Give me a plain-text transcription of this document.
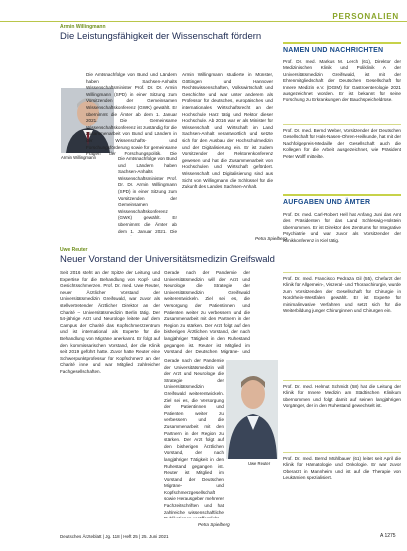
PERSONALIEN
Armin Willingmann
Die Leistungsfähigkeit der Wissenschaft fördern
Armin Willingmann
Die Amtsnachfolge von Bund und Ländern haben Sachsen-Anhalts Wissenschaftsminister Prof. Dr. Dr. Armin Willingmann (SPD) in einer Sitzung zum Vorsitzenden der Gemeinsamen Wissenschaftskonferenz (GWK) gewählt. Er übernimmt die Ämter ab dem 1. Januar 2021. Die Gemeinsame Wissenschaftskonferenz ist zuständig für die Zusammenarbeit von Bund und Ländern in der Wissenschafts- und Forschungsförderung sowie für gemeinsame Fragen der Forschungspolitik. Die
Die Amtsnachfolge von Bund und Ländern haben Sachsen-Anhalts Wissenschaftsminister Prof. Dr. Dr. Armin Willingmann (SPD) in einer Sitzung zum Vorsitzenden der Gemeinsamen Wissenschaftskonferenz (GWK) gewählt. Er übernimmt die Ämter ab dem 1. Januar 2021. Die
Armin Willingmann studierte in Münster, Göttingen und Hannover Rechtswissenschaften, Volkswirtschaft und Geschichte und war unter anderem als Professor für deutsches, europäisches und internationales Wirtschaftsrecht an der Hochschule Harz tätig und Rektor dieser Hochschule. Ab 2016 war er als Minister für Wissenschaft und Wirtschaft im Land Sachsen-Anhalt verantwortlich und setzte sich für den Ausbau der Hochschulmedizin und der Digitalisierung ein. Er ist zudem Vorsitzender der Rektorenkonferenz gewesen und hat die Zusammenarbeit von Hochschulen und Wirtschaft gefördert. Wissenschaft und Digitalisierung sind aus Sicht von Willingmann die Schlüssel für die Zukunft des Landes Sachsen-Anhalt.
Petra Spielberg
Uwe Reuter
Neuer Vorstand der Universitätsmedizin Greifswald
Seit 2016 steht an der Spitze der Leitung und Expertise für die Behandlung von Kopf- und Gesichtsschmerzen. Prof. Dr. med. Uwe Reuter, neuer Ärztlicher Vorstand der Universitätsmedizin Greifswald, war zuvor als stellvertretender Ärztlicher Direktor an der Charité – Universitätsmedizin Berlin tätig. Der 54-jährige Arzt und Neurologe leitete auf dem Campus der Charité das Kopfschmerzzentrum und ist international als Experte für die Behandlung von Migräne anerkannt. Er folgt auf den kommissarischen Vorstand, der die Klinik seit 2019 geführt hatte. Zuvor hatte Reuter eine Schwerpunktprofessur für Kopfschmerz an der Charité inne und war Mitglied zahlreicher Fachgesellschaften.
Gerade nach der Pandemie der Universitätsmedizin will der Arzt und Neurologe die Strategie der Universitätsmedizin Greifswald weiterentwickeln. Ziel sei es, die Versorgung der Patientinnen und Patienten weiter zu verbessern und die Zusammenarbeit mit den Partnern in der Region zu stärken. Der Arzt folgt auf den bisherigen Ärztlichen Vorstand, der nach langjähriger Tätigkeit in den Ruhestand gegangen ist. Reuter ist Mitglied im Vorstand der Deutschen Migräne- und
Gerade nach der Pandemie der Universitätsmedizin will der Arzt und Neurologe die Strategie der Universitätsmedizin Greifswald weiterentwickeln. Ziel sei es, die Versorgung der Patientinnen und Patienten weiter zu verbessern und die Zusammenarbeit mit den Partnern in der Region zu stärken. Der Arzt folgt auf den bisherigen Ärztlichen Vorstand, der nach langjähriger Tätigkeit in den Ruhestand gegangen ist. Reuter ist Mitglied im Vorstand der Deutschen Migräne- und Kopfschmerzgesellschaft sowie Herausgeber mehrerer Fachzeitschriften und hat zahlreiche wissenschaftliche
Petra Spielberg
Uwe Reuter
NAMEN UND NACHRICHTEN
Prof. Dr. med. Markus M. Lerch (61), Direktor der Medizinischen Klinik und Poliklinik A der Universitätsmedizin Greifswald, ist mit der Ehrenmitgliedschaft der Deutschen Gesellschaft für Innere Medizin e.V. (DGIM) für Gastroenterologie 2021 ausgezeichnet worden. Er ist bekannt für seine Forschung zu Erkrankungen der Bauchspeicheldrüse.
Prof. Dr. med. Bernd Weber, Vorsitzender der Deutschen Gesellschaft für Hals-Nasen-Ohren-Heilkunde, hat mit der Nachfolgepreis-Medaille der Gesellschaft auch die Kollegen für die Arbeit ausgezeichnet, wie Präsident Peter Wolff mitteilte.
AUFGABEN UND ÄMTER
Prof. Dr. med. Carl-Robert Hell hat Anfang Juni das Amt des Präsidenten für das Land Schleswig-Holstein übernommen. Er ist Direktor des Zentrums für Integrative Psychiatrie und war zuvor als Vorsitzender der Klinikkonferenz in Kiel tätig.
Prof. Dr. med. Francisco Pedraza Gil (55), Chefarzt der Klinik für Allgemein-, Viszeral- und Thoraxchirurgie, wurde zum Vorsitzenden der Gesellschaft für Chirurgie in Nordrhein-Westfalen gewählt. Er ist Experte für minimalinvasive Verfahren und setzt sich für die Weiterbildung junger Chirurginnen und Chirurgen ein.
Prof. Dr. med. Helmut Schmidt (58) hat die Leitung der Klinik für Innere Medizin am Städtischen Klinikum übernommen und folgt damit auf seinen langjährigen Vorgänger, der in den Ruhestand gewechselt ist.
Prof. Dr. med. Bernd Mühlbauer (61) leitet seit April die Klinik für Hämatologie und Onkologie. Er war zuvor Oberarzt in Mannheim und ist auf die Therapie von Leukämien spezialisiert.
Deutsches Ärzteblatt | Jg. 118 | Heft 25 | 25. Juni 2021	A 1275
